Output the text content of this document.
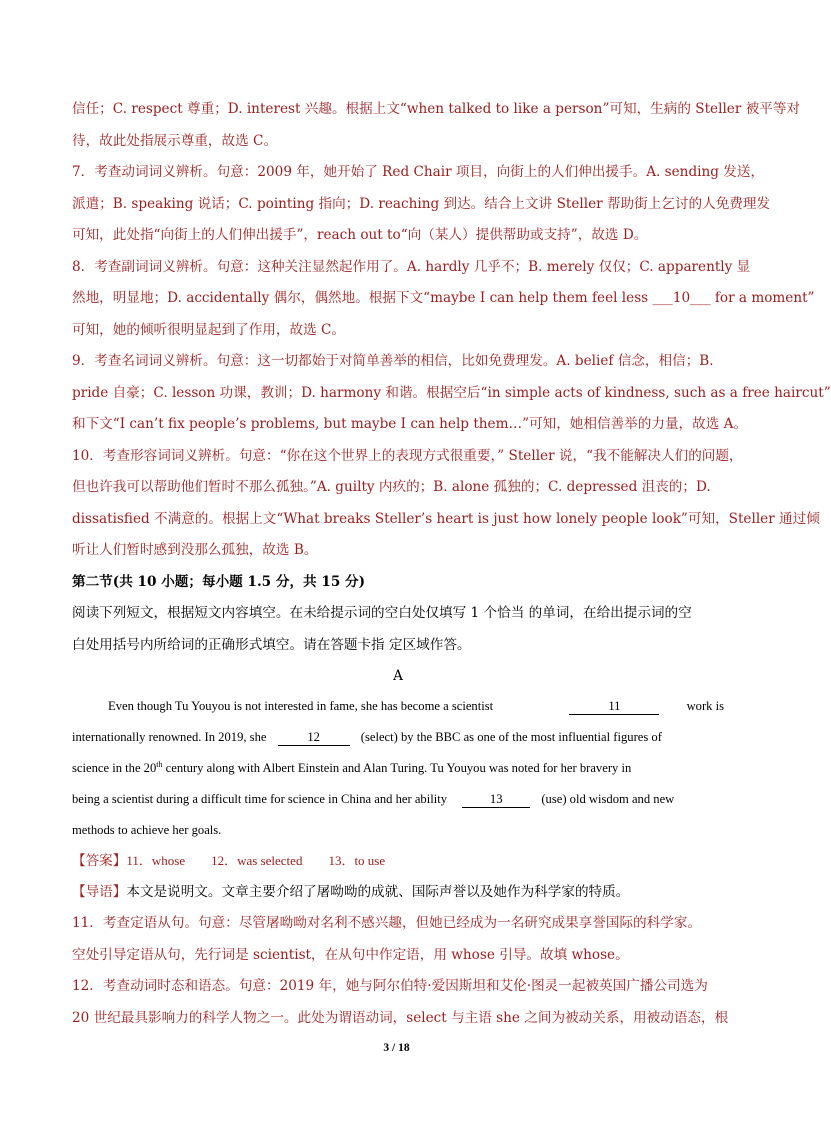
信任；C. respect 尊重；D. interest 兴趣。根据上文“when talked to like a person”可知，生病的 Steller 被平等对
待，故此处指展示尊重，故选 C。
7．考查动词词义辨析。句意：2009 年，她开始了 Red Chair 项目，向街上的人们伸出援手。A. sending 发送，
派遣；B. speaking 说话；C. pointing 指向；D. reaching 到达。结合上文讲 Steller 帮助街上乞讨的人免费理发
可知，此处指“向街上的人们伸出援手”，reach out to“向（某人）提供帮助或支持”，故选 D。
8．考查副词词义辨析。句意：这种关注显然起作用了。A. hardly 几乎不；B. merely 仅仅；C. apparently 显
然地，明显地；D. accidentally 偶尔，偶然地。根据下文“maybe I can help them feel less ___10___ for a moment”
可知，她的倾听很明显起到了作用，故选 C。
9．考查名词词义辨析。句意：这一切都始于对简单善举的相信，比如免费理发。A. belief 信念，相信；B.
pride 自豪；C. lesson 功课，教训；D. harmony 和谐。根据空后“in simple acts of kindness, such as a free haircut”
和下文“I can’t fix people’s problems, but maybe I can help them…”可知，她相信善举的力量，故选 A。
10．考查形容词词义辨析。句意：“你在这个世界上的表现方式很重要，” Steller 说，“我不能解决人们的问题，
但也许我可以帮助他们暂时不那么孤独。”A. guilty 内疚的；B. alone 孤独的；C. depressed 沮丧的；D.
dissatisfied 不满意的。根据上文“What breaks Steller’s heart is just how lonely people look”可知，Steller 通过倾
听让人们暂时感到没那么孤独，故选 B。
第二节(共 10 小题；每小题 1.5 分，共 15 分)
阅读下列短文，根据短文内容填空。在未给提示词的空白处仅填写 1 个恰当 的单词，在给出提示词的空
白处用括号内所给词的正确形式填空。请在答题卡指 定区域作答。
A
Even though Tu Youyou is not interested in fame, she has become a scientist	11	work is
internationally renowned. In 2019, she	12	(select) by the BBC as one of the most influential figures of
science in the 20th century along with Albert Einstein and Alan Turing. Tu Youyou was noted for her bravery in
being a scientist during a difficult time for science in China and her ability	13	(use) old wisdom and new
methods to achieve her goals.
【答案】11．whose　　12．was selected　　13．to use
【导语】本文是说明文。文章主要介绍了屠呦呦的成就、国际声誉以及她作为科学家的特质。
11．考查定语从句。句意：尽管屠呦呦对名利不感兴趣，但她已经成为一名研究成果享誉国际的科学家。
空处引导定语从句，先行词是 scientist，在从句中作定语，用 whose 引导。故填 whose。
12．考查动词时态和语态。句意：2019 年，她与阿尔伯特·爱因斯坦和艾伦·图灵一起被英国广播公司选为
20 世纪最具影响力的科学人物之一。此处为谓语动词，select 与主语 she 之间为被动关系，用被动语态，根
3 / 18
